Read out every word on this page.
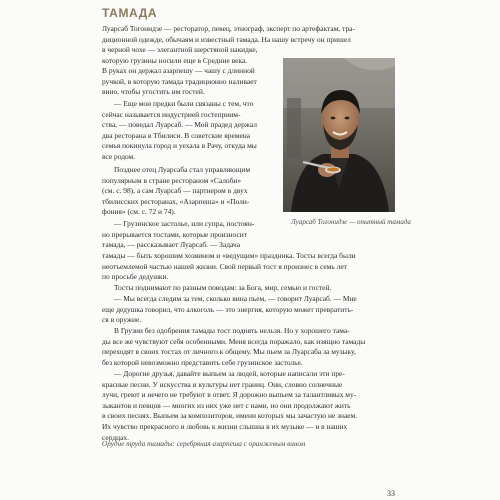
ТАМАДА
Луарсаб Тогонидзе — ресторатор, певец, этнограф, эксперт по артефактам, тра-
диционной одежде, обычаям и известный тамада. На нашу встречу он пришел
в черной чохе — элегантной шерстяной накидке,
которую грузины носили еще в Средние века.
В руках он держал азарпешу — чашу с длинной
ручкой, в которую тамада традиционно наливает
вино, чтобы угостить им гостей.
— Еще мои предки были связаны с тем, что
сейчас называется индустрией гостеприим-
ства, — поведал Луарсаб. — Мой прадед держал
два ресторана в Тбилиси. В советские времена
семья покинула город и уехала в Рачу, откуда мы
все родом.
Позднее отец Луарсаба стал управляющим
популярным в стране рестораном «Салоби»
(см. с. 98), а сам Луарсаб — партнером в двух
тбилисских ресторанах, «Азарпеша» и «Поли-
фония» (см. с. 72 и 74).
— Грузинское застолье, или супра, постоян-
но прерывается тостами, которые произносит
тамада, — рассказывает Луарсаб. — Задача
тамады — быть хорошим хозяином и «ведущим» праздника. Тосты всегда были
неотъемлемой частью нашей жизни. Свой первый тост я произнес в семь лет
по просьбе дедушки.
Тосты поднимают по разным поводам: за Бога, мир, семью и гостей.
— Мы всегда следим за тем, сколько вина пьем, — говорит Луарсаб. — Мне
еще дедушка говорил, что алкоголь — это энергия, которую может превратить-
ся в оружие.
В Грузии без одобрения тамады тост поднять нельзя. Но у хорошего тама-
ды все же чувствуют себя особенными. Меня всегда поражало, как изящно тамады
переходят в своих тостах от личного к общему. Мы пьем за Луарсаба за музыку,
без которой невозможно представить себе грузинское застолье.
— Дорогие друзья, давайте выпьем за людей, которые написали эти пре-
красные песни. У искусства и культуры нет границ. Они, словно солнечные
лучи, греют и нечего не требуют в ответ. Я дорожно выпьем за талантливых му-
зыкантов и певцов — многих из них уже нет с нами, но они продолжают жить
в своих песнях. Выпьем за композиторов, имени которых мы зачастую не знаем.
Их чувство прекрасного и любовь к жизни слышна в их музыке — и в наших
сердцах.
Луарсаб Тогонидзе — опытный тамада
Орудие труда тамады: серебряная азарпеша с оранжевым вином
33
